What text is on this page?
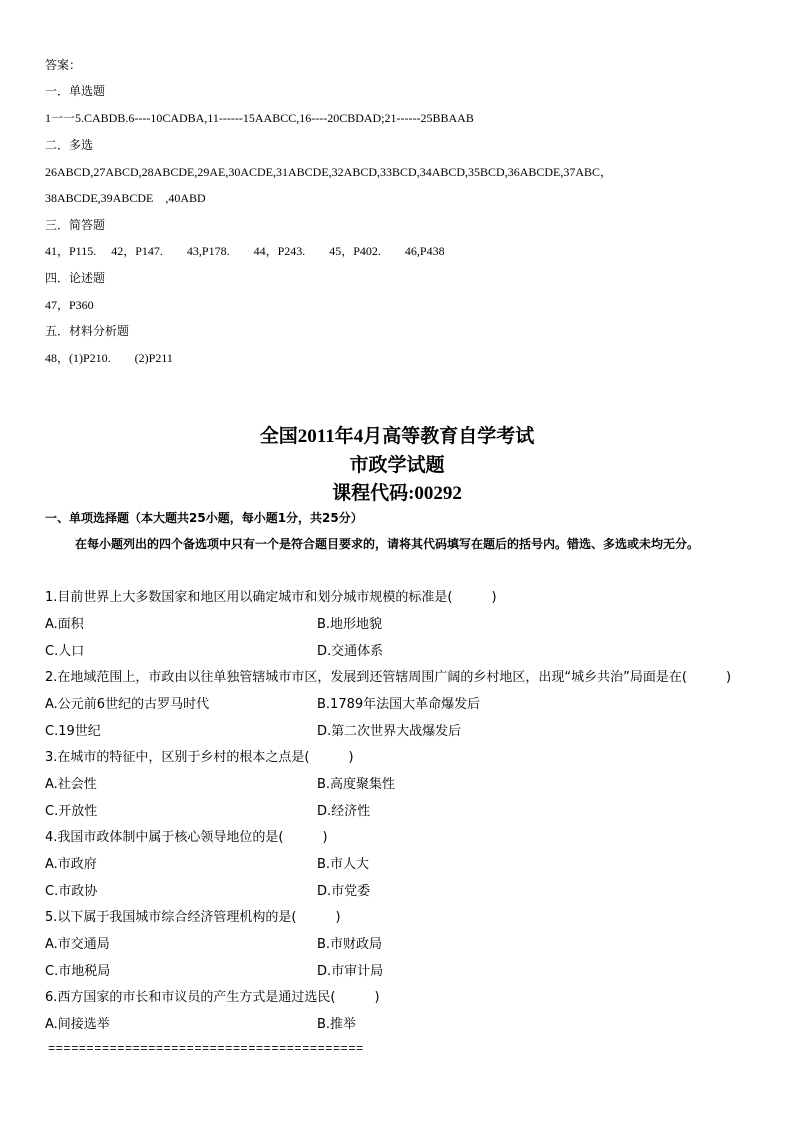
答案：
一．单选题
1一一5.CABDB.6----10CADBA,11------15AABCC,16----20CBDAD;21------25BBAAB
二．多选
26ABCD,27ABCD,28ABCDE,29AE,30ACDE,31ABCDE,32ABCD,33BCD,34ABCD,35BCD,36ABCDE,37ABC，
38ABCDE,39ABCDE　,40ABD
三．简答题
41，P115.　 42，P147.　　43,P178.　　44，P243.　　45，P402.　　46,P438
四．论述题
47，P360
五．材料分析题
48，(1)P210.　　(2)P211
全国2011年4月高等教育自学考试
市政学试题
课程代码:00292
一、单项选择题（本大题共25小题，每小题1分，共25分）
在每小题列出的四个备选项中只有一个是符合题目要求的，请将其代码填写在题后的括号内。错选、多选或未均无分。
1.目前世界上大多数国家和地区用以确定城市和划分城市规模的标准是(　　　)
A.面积	B.地形地貌
C.人口	D.交通体系
2.在地域范围上，市政由以往单独管辖城市市区，发展到还管辖周围广阔的乡村地区，出现“城乡共治”局面是在(　　　)
A.公元前6世纪的古罗马时代	B.1789年法国大革命爆发后
C.19世纪	D.第二次世界大战爆发后
3.在城市的特征中，区别于乡村的根本之点是(　　　)
A.社会性	B.高度聚集性
C.开放性	D.经济性
4.我国市政体制中属于核心领导地位的是(　　　)
A.市政府	B.市人大
C.市政协	D.市党委
5.以下属于我国城市综合经济管理机构的是(　　　)
A.市交通局	B.市财政局
C.市地税局	D.市审计局
6.西方国家的市长和市议员的产生方式是通过选民(　　　)
A.间接选举	B.推举
=========================================
